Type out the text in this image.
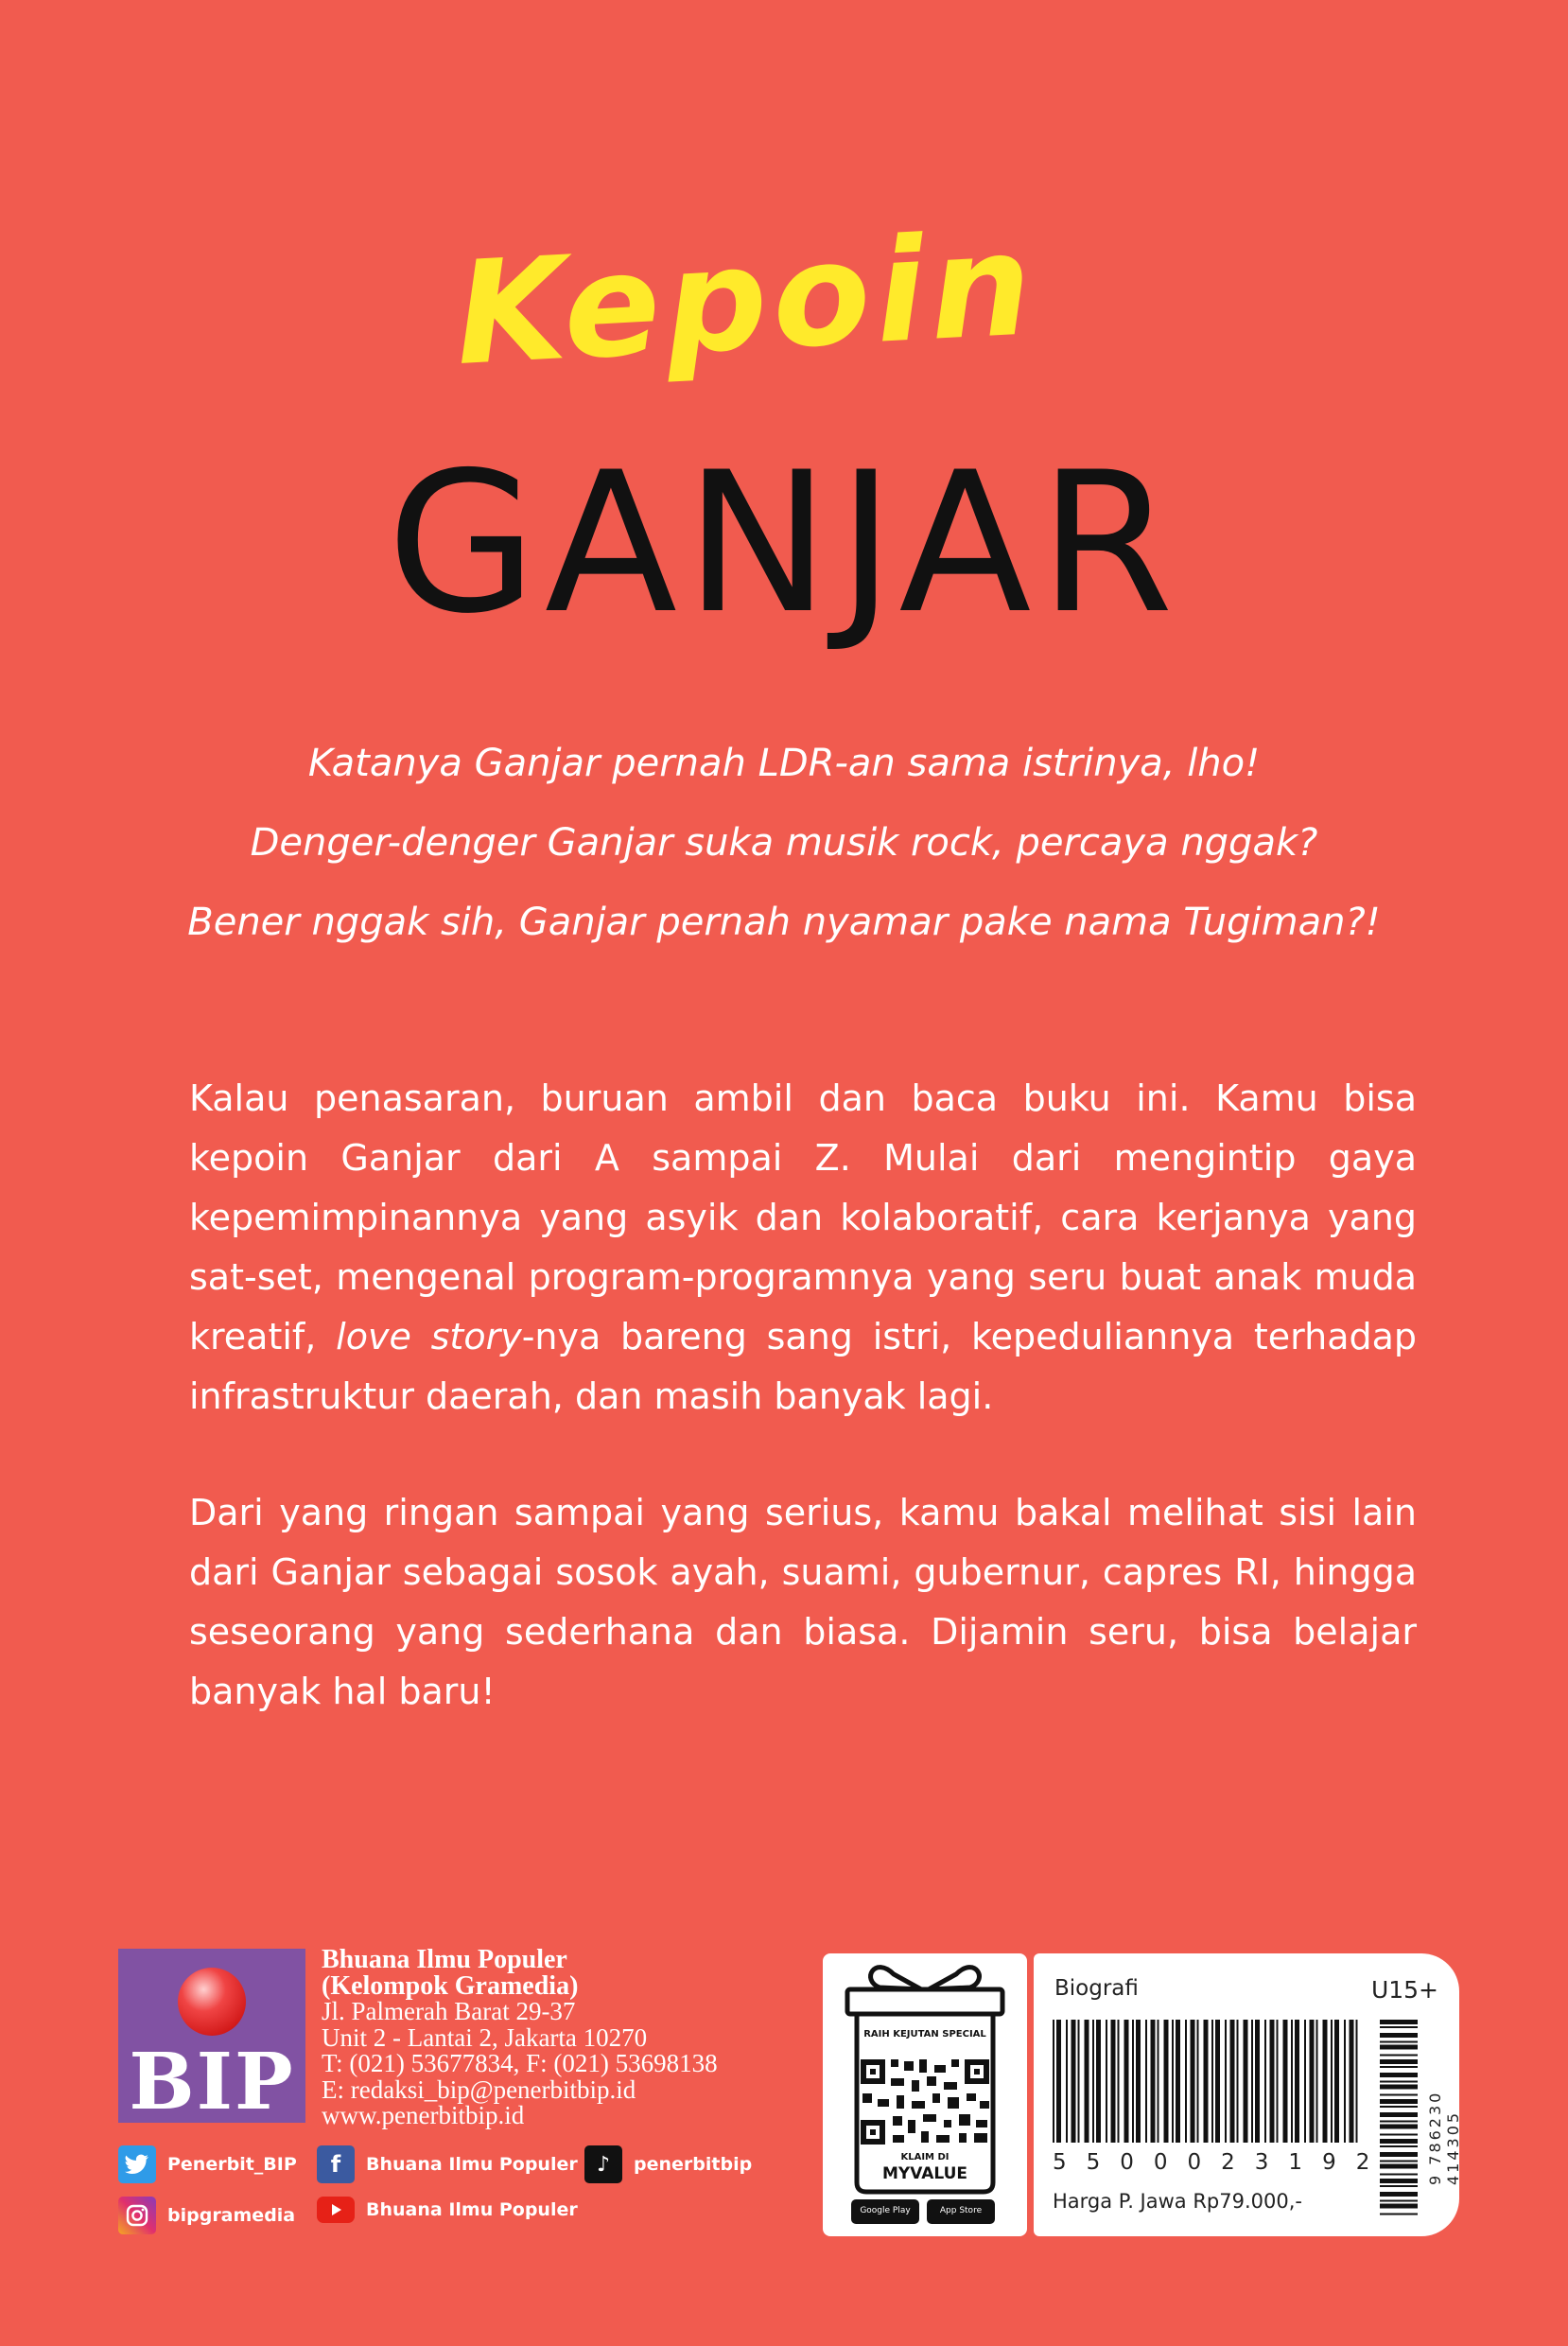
Kepoin
GANJAR
Katanya Ganjar pernah LDR-an sama istrinya, lho!
Denger-denger Ganjar suka musik rock, percaya nggak?
Bener nggak sih, Ganjar pernah nyamar pake nama Tugiman?!
Kalau penasaran, buruan ambil dan baca buku ini. Kamu bisa kepoin Ganjar dari A sampai Z. Mulai dari mengintip gaya kepemimpinannya yang asyik dan kolaboratif, cara kerjanya yang sat-set, mengenal program-programnya yang seru buat anak muda kreatif, love story-nya bareng sang istri, kepeduliannya terhadap infrastruktur daerah, dan masih banyak lagi.
Dari yang ringan sampai yang serius, kamu bakal melihat sisi lain dari Ganjar sebagai sosok ayah, suami, gubernur, capres RI, hingga seseorang yang sederhana dan biasa. Dijamin seru, bisa belajar banyak hal baru!
BIP
Bhuana Ilmu Populer
(Kelompok Gramedia)
Jl. Palmerah Barat 29-37
Unit 2 - Lantai 2, Jakarta 10270
T: (021) 53677834, F: (021) 53698138
E: redaksi_bip@penerbitbip.id
www.penerbitbip.id
Penerbit_BIP	f	Bhuana Ilmu Populer ♪	penerbitbip
bipgramedia	Bhuana Ilmu Populer
RAIH KEJUTAN SPECIAL
KLAIM DI
MYVALUE
Google Play	App Store
Biografi	U15+
5500023192
Harga P. Jawa Rp79.000,-
9 786230 414305
